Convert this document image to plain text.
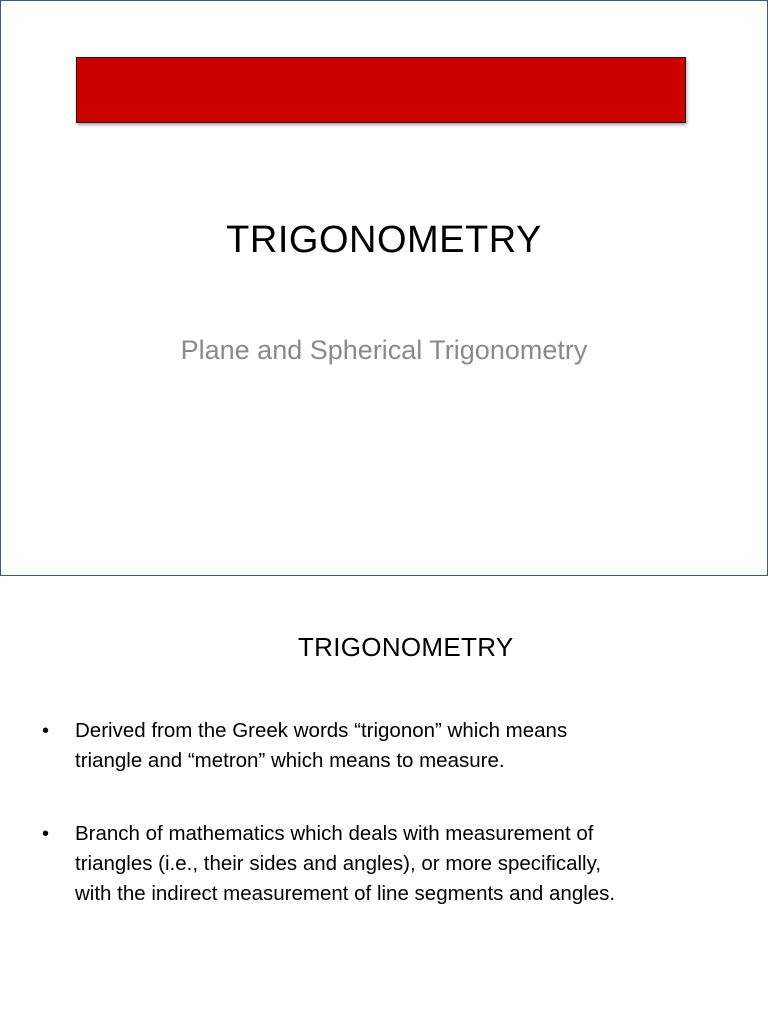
TRIGONOMETRY
Plane and Spherical Trigonometry
TRIGONOMETRY
• Derived from the Greek words “trigonon” which means
triangle and “metron” which means to measure.
• Branch of mathematics which deals with measurement of
triangles (i.e., their sides and angles), or more specifically,
with the indirect measurement of line segments and angles.
